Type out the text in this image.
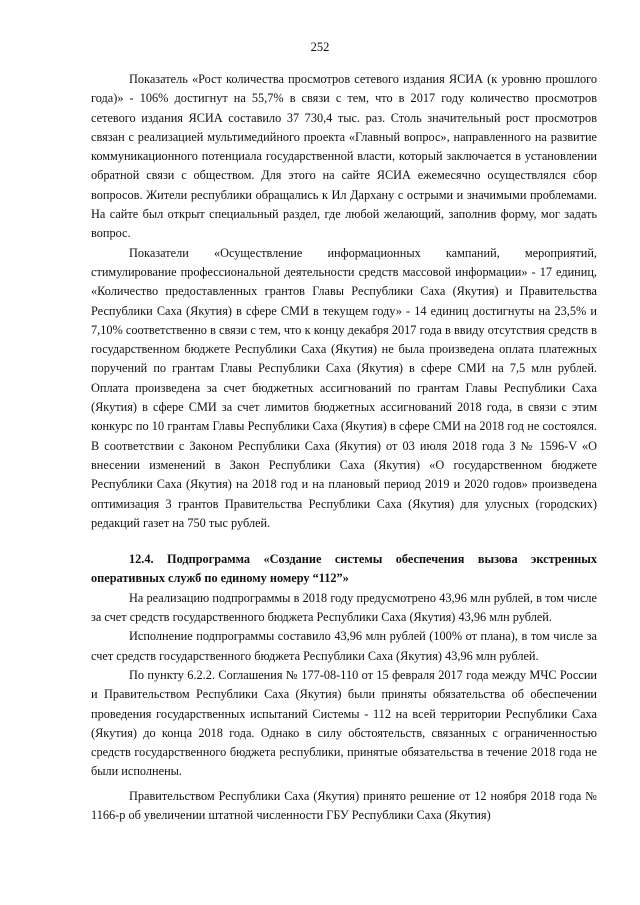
252

Показатель «Рост количества просмотров сетевого издания ЯСИА (к уровню прошлого года)» - 106% достигнут на 55,7% в связи с тем, что в 2017 году количество просмотров сетевого издания ЯСИА составило 37 730,4 тыс. раз. Столь значительный рост просмотров связан с реализацией мультимедийного проекта «Главный вопрос», направленного на развитие коммуникационного потенциала государственной власти, который заключается в установлении обратной связи с обществом. Для этого на сайте ЯСИА ежемесячно осуществлялся сбор вопросов. Жители республики обращались к Ил Дархану с острыми и значимыми проблемами. На сайте был открыт специальный раздел, где любой желающий, заполнив форму, мог задать вопрос.

Показатели «Осуществление информационных кампаний, мероприятий, стимулирование профессиональной деятельности средств массовой информации» - 17 единиц, «Количество предоставленных грантов Главы Республики Саха (Якутия) и Правительства Республики Саха (Якутия) в сфере СМИ в текущем году» - 14 единиц достигнуты на 23,5% и 7,10% соответственно в связи с тем, что к концу декабря 2017 года в ввиду отсутствия средств в государственном бюджете Республики Саха (Якутия) не была произведена оплата платежных поручений по грантам Главы Республики Саха (Якутия) в сфере СМИ на 7,5 млн рублей. Оплата произведена за счет бюджетных ассигнований по грантам Главы Республики Саха (Якутия) в сфере СМИ за счет лимитов бюджетных ассигнований 2018 года, в связи с этим конкурс по 10 грантам Главы Республики Саха (Якутия) в сфере СМИ на 2018 год не состоялся. В соответствии с Законом Республики Саха (Якутия) от 03 июля 2018 года З № 1596-V «О внесении изменений в Закон Республики Саха (Якутия) «О государственном бюджете Республики Саха (Якутия) на 2018 год и на плановый период 2019 и 2020 годов» произведена оптимизация 3 грантов Правительства Республики Саха (Якутия) для улусных (городских) редакций газет на 750 тыс рублей.

12.4. Подпрограмма «Создание системы обеспечения вызова экстренных оперативных служб по единому номеру “112”»

На реализацию подпрограммы в 2018 году предусмотрено 43,96 млн рублей, в том числе за счет средств государственного бюджета Республики Саха (Якутия) 43,96 млн рублей.

Исполнение подпрограммы составило 43,96 млн рублей (100% от плана), в том числе за счет средств государственного бюджета Республики Саха (Якутия) 43,96 млн рублей.

По пункту 6.2.2. Соглашения № 177-08-110 от 15 февраля 2017 года между МЧС России и Правительством Республики Саха (Якутия) были приняты обязательства об обеспечении проведения государственных испытаний Системы - 112 на всей территории Республики Саха (Якутия) до конца 2018 года. Однако в силу обстоятельств, связанных с ограниченностью средств государственного бюджета республики, принятые обязательства в течение 2018 года не были исполнены.

Правительством Республики Саха (Якутия) принято решение от 12 ноября 2018 года № 1166-р об увеличении штатной численности ГБУ Республики Саха (Якутия)
